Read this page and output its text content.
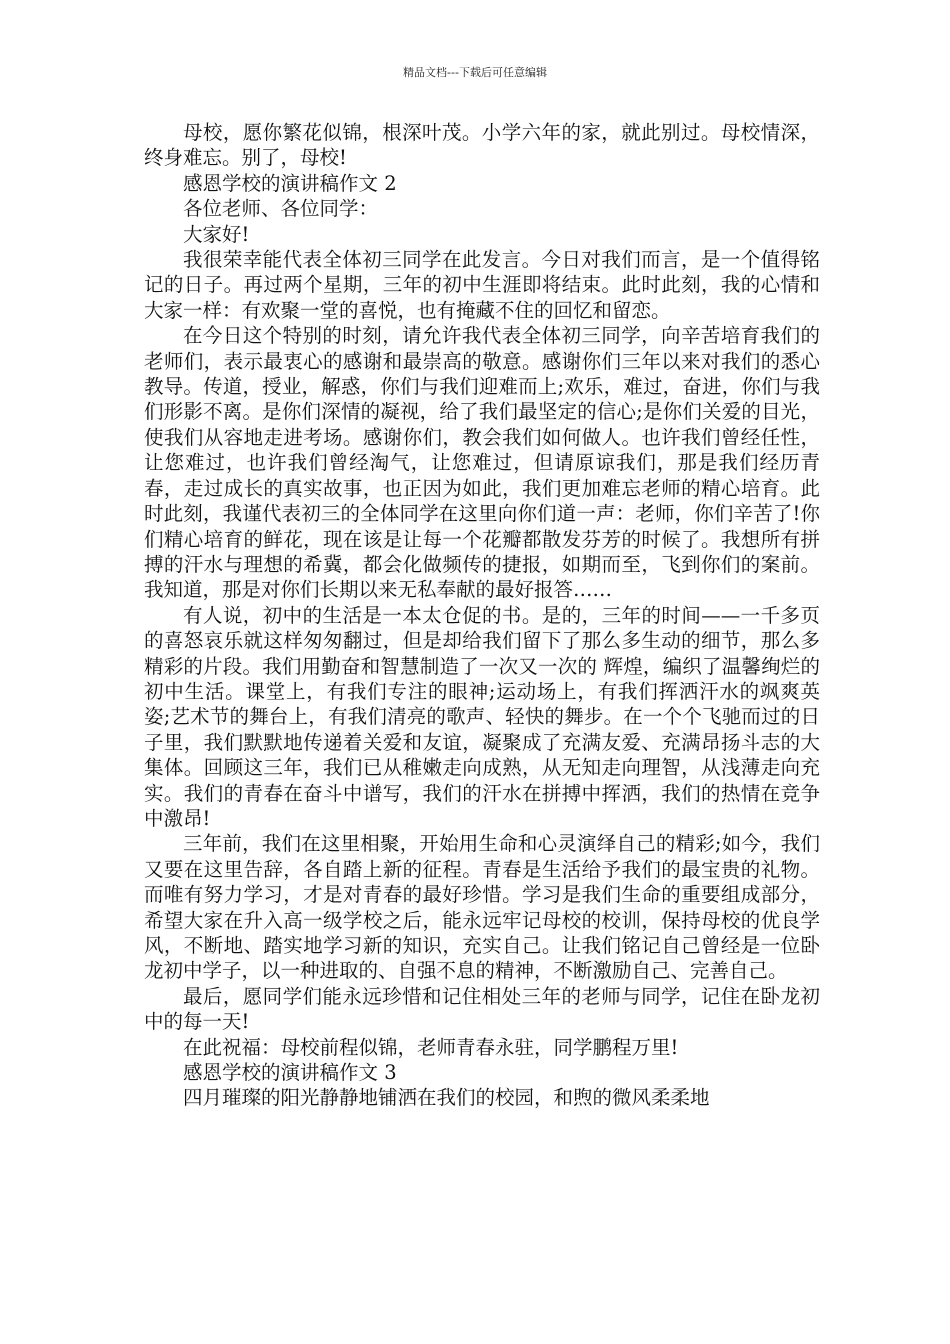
精品文档---下载后可任意编辑

母校，愿你繁花似锦，根深叶茂。小学六年的家，就此别过。母校情深，终身难忘。别了，母校!

感恩学校的演讲稿作文 2

各位老师、各位同学：

大家好!

我很荣幸能代表全体初三同学在此发言。今日对我们而言，是一个值得铭记的日子。再过两个星期，三年的初中生涯即将结束。此时此刻，我的心情和大家一样：有欢聚一堂的喜悦，也有掩藏不住的回忆和留恋。

在今日这个特别的时刻，请允许我代表全体初三同学，向辛苦培育我们的老师们，表示最衷心的感谢和最崇高的敬意。感谢你们三年以来对我们的悉心教导。传道，授业，解惑，你们与我们迎难而上;欢乐，难过，奋进，你们与我们形影不离。是你们深情的凝视，给了我们最坚定的信心;是你们关爱的目光，使我们从容地走进考场。感谢你们，教会我们如何做人。也许我们曾经任性，让您难过，也许我们曾经淘气，让您难过，但请原谅我们，那是我们经历青春，走过成长的真实故事，也正因为如此，我们更加难忘老师的精心培育。此时此刻，我谨代表初三的全体同学在这里向你们道一声：老师，你们辛苦了!你们精心培育的鲜花，现在该是让每一个花瓣都散发芬芳的时候了。我想所有拼搏的汗水与理想的希冀，都会化做频传的捷报，如期而至，飞到你们的案前。我知道，那是对你们长期以来无私奉献的最好报答……

有人说，初中的生活是一本太仓促的书。是的，三年的时间——一千多页的喜怒哀乐就这样匆匆翻过，但是却给我们留下了那么多生动的细节，那么多精彩的片段。我们用勤奋和智慧制造了一次又一次的 辉煌，编织了温馨绚烂的初中生活。课堂上，有我们专注的眼神;运动场上，有我们挥洒汗水的飒爽英姿;艺术节的舞台上，有我们清亮的歌声、轻快的舞步。在一个个飞驰而过的日子里，我们默默地传递着关爱和友谊，凝聚成了充满友爱、充满昂扬斗志的大集体。回顾这三年，我们已从稚嫩走向成熟，从无知走向理智，从浅薄走向充实。我们的青春在奋斗中谱写，我们的汗水在拼搏中挥洒，我们的热情在竞争中激昂!

三年前，我们在这里相聚，开始用生命和心灵演绎自己的精彩;如今，我们又要在这里告辞，各自踏上新的征程。青春是生活给予我们的最宝贵的礼物。而唯有努力学习，才是对青春的最好珍惜。学习是我们生命的重要组成部分，希望大家在升入高一级学校之后，能永远牢记母校的校训，保持母校的优良学风，不断地、踏实地学习新的知识，充实自己。让我们铭记自己曾经是一位卧龙初中学子，以一种进取的、自强不息的精神，不断激励自己、完善自己。

最后，愿同学们能永远珍惜和记住相处三年的老师与同学，记住在卧龙初中的每一天!

在此祝福：母校前程似锦，老师青春永驻，同学鹏程万里!

感恩学校的演讲稿作文 3

四月璀璨的阳光静静地铺洒在我们的校园，和煦的微风柔柔地
